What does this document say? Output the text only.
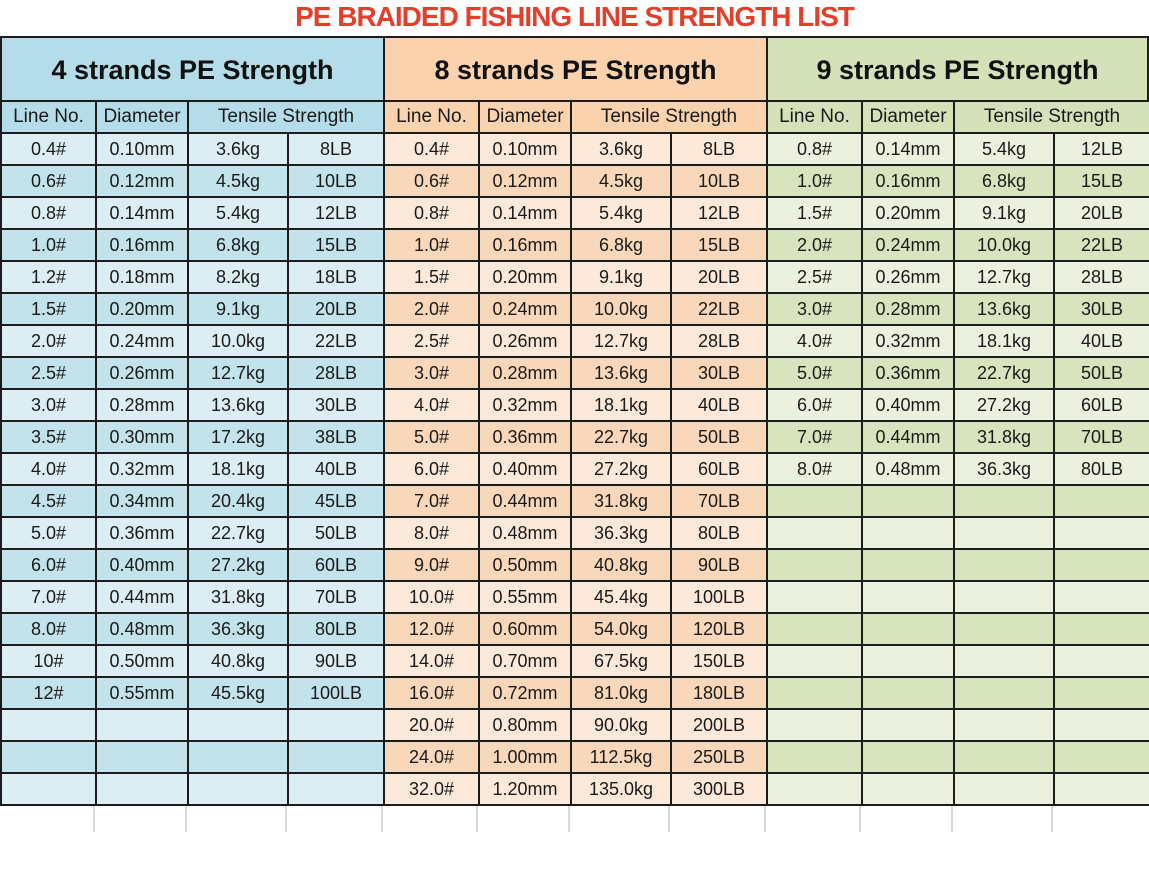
PE BRAIDED FISHING LINE STRENGTH LIST
4 strands PE Strength
Line No.	Diameter	Tensile Strength	
0.4#	0.10mm	3.6kg	8LB
0.6#	0.12mm	4.5kg	10LB
0.8#	0.14mm	5.4kg	12LB
1.0#	0.16mm	6.8kg	15LB
1.2#	0.18mm	8.2kg	18LB
1.5#	0.20mm	9.1kg	20LB
2.0#	0.24mm	10.0kg	22LB
2.5#	0.26mm	12.7kg	28LB
3.0#	0.28mm	13.6kg	30LB
3.5#	0.30mm	17.2kg	38LB
4.0#	0.32mm	18.1kg	40LB
4.5#	0.34mm	20.4kg	45LB
5.0#	0.36mm	22.7kg	50LB
6.0#	0.40mm	27.2kg	60LB
7.0#	0.44mm	31.8kg	70LB
8.0#	0.48mm	36.3kg	80LB
10#	0.50mm	40.8kg	90LB
12#	0.55mm	45.5kg	100LB

8 strands PE Strength
Line No.	Diameter	Tensile Strength	
0.4#	0.10mm	3.6kg	8LB
0.6#	0.12mm	4.5kg	10LB
0.8#	0.14mm	5.4kg	12LB
1.0#	0.16mm	6.8kg	15LB
1.5#	0.20mm	9.1kg	20LB
2.0#	0.24mm	10.0kg	22LB
2.5#	0.26mm	12.7kg	28LB
3.0#	0.28mm	13.6kg	30LB
4.0#	0.32mm	18.1kg	40LB
5.0#	0.36mm	22.7kg	50LB
6.0#	0.40mm	27.2kg	60LB
7.0#	0.44mm	31.8kg	70LB
8.0#	0.48mm	36.3kg	80LB
9.0#	0.50mm	40.8kg	90LB
10.0#	0.55mm	45.4kg	100LB
12.0#	0.60mm	54.0kg	120LB
14.0#	0.70mm	67.5kg	150LB
16.0#	0.72mm	81.0kg	180LB
20.0#	0.80mm	90.0kg	200LB
24.0#	1.00mm	112.5kg	250LB
32.0#	1.20mm	135.0kg	300LB
9 strands PE Strength
Line No.	Diameter	Tensile Strength	
0.8#	0.14mm	5.4kg	12LB
1.0#	0.16mm	6.8kg	15LB
1.5#	0.20mm	9.1kg	20LB
2.0#	0.24mm	10.0kg	22LB
2.5#	0.26mm	12.7kg	28LB
3.0#	0.28mm	13.6kg	30LB
4.0#	0.32mm	18.1kg	40LB
5.0#	0.36mm	22.7kg	50LB
6.0#	0.40mm	27.2kg	60LB
7.0#	0.44mm	31.8kg	70LB
8.0#	0.48mm	36.3kg	80LB
